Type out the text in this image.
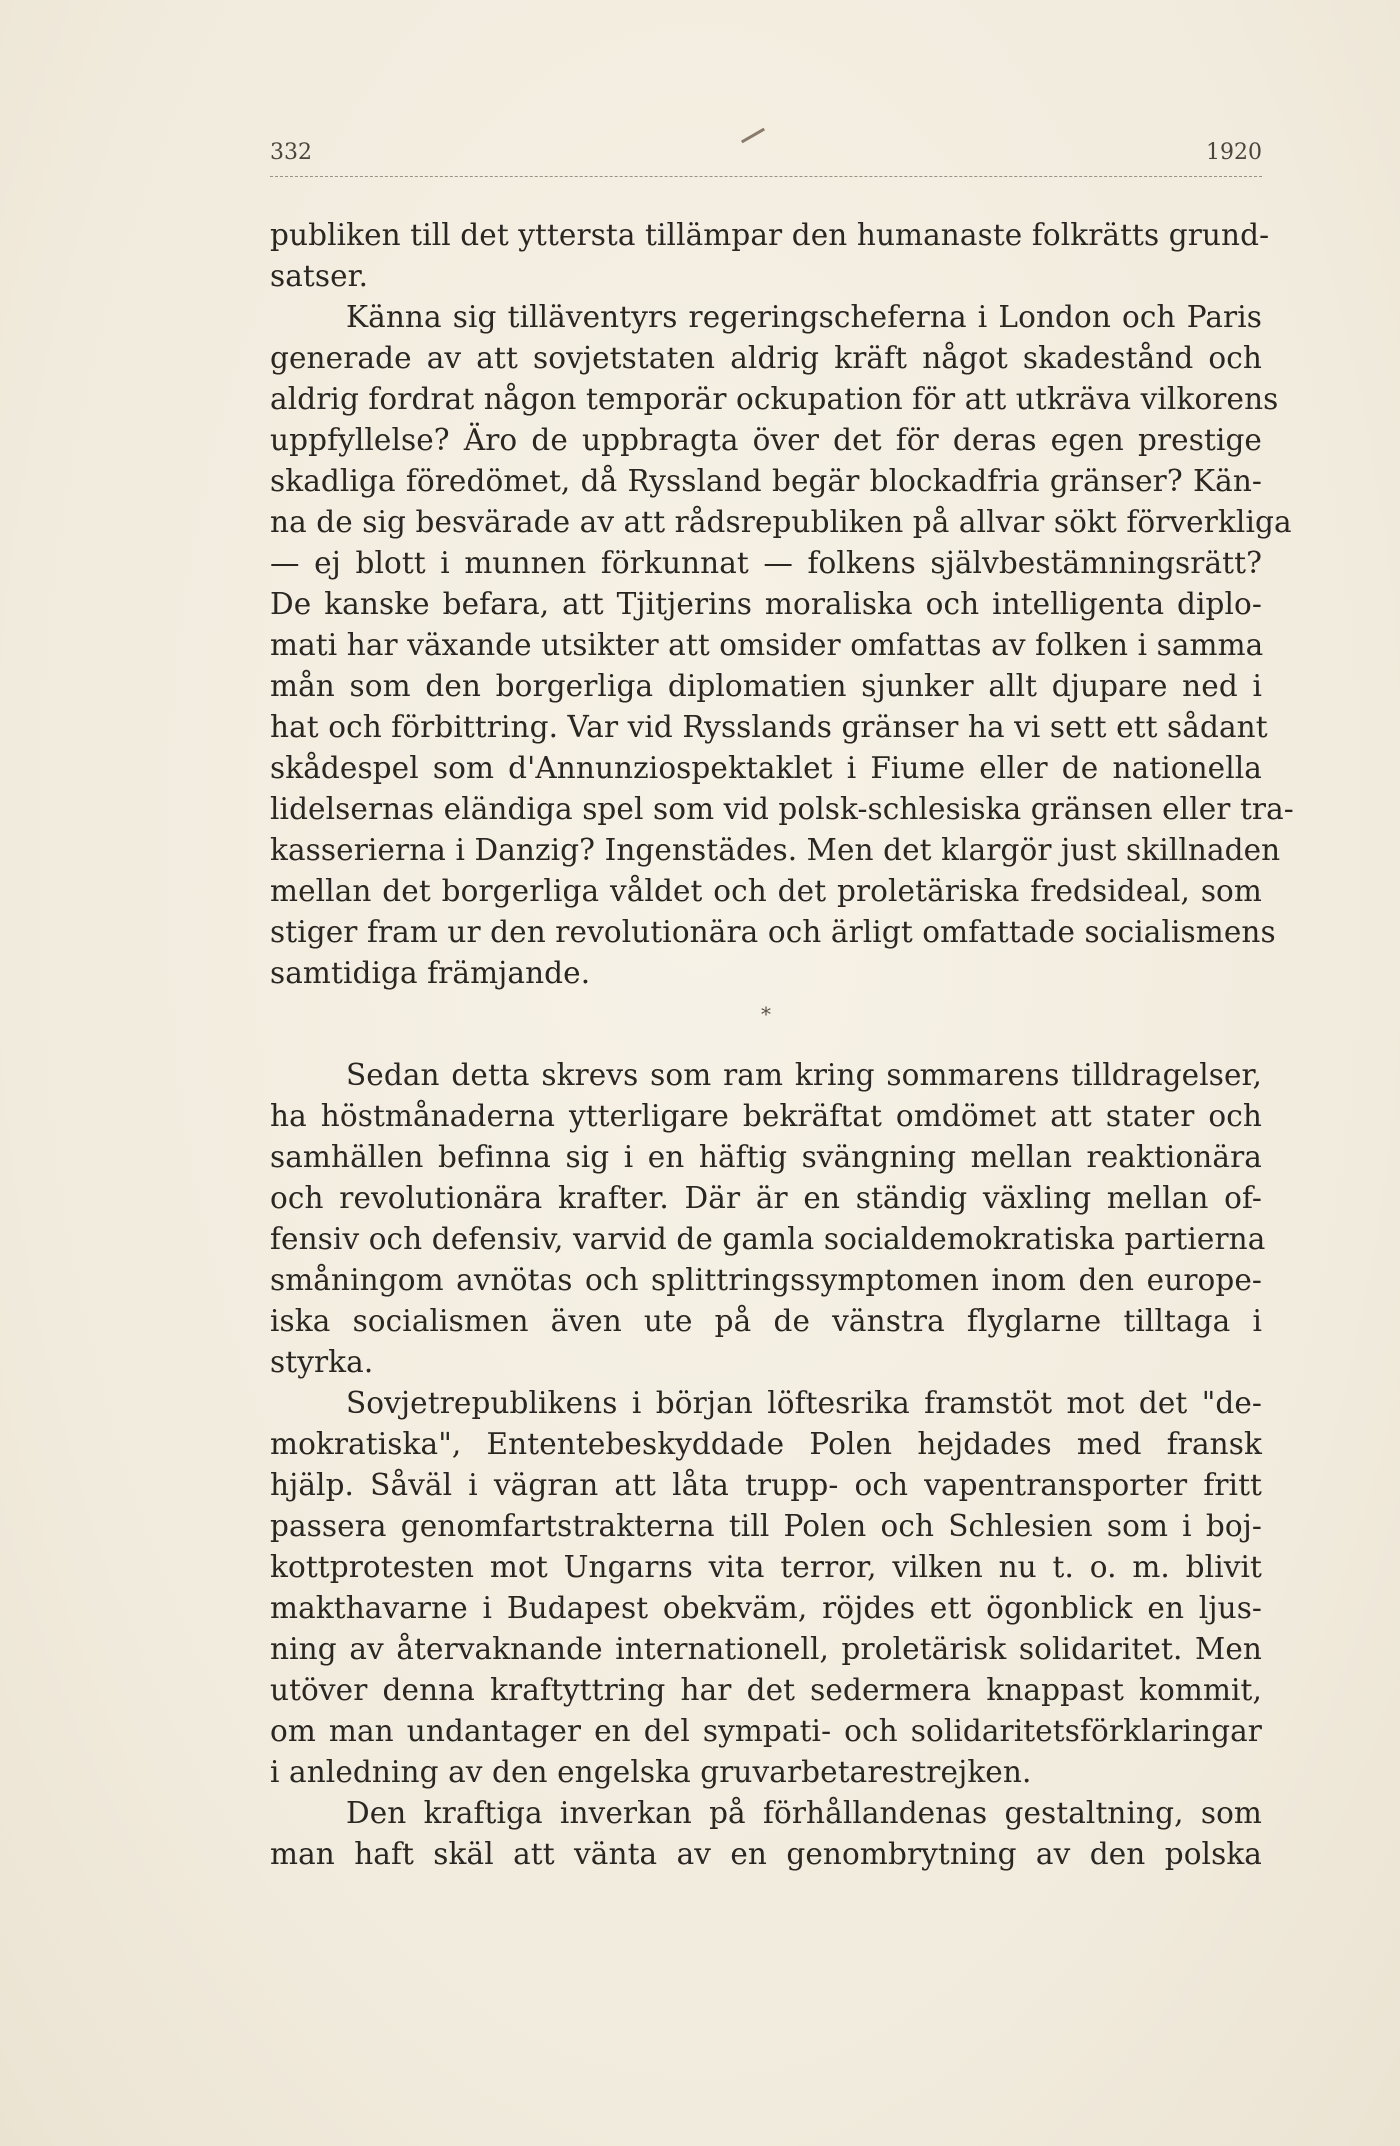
332	1920
publiken till det yttersta tillämpar den humanaste folkrätts grund-
satser.
Känna sig tilläventyrs regeringscheferna i London och Paris
generade av att sovjetstaten aldrig kräft något skadestånd och
aldrig fordrat någon temporär ockupation för att utkräva vilkorens
uppfyllelse? Äro de uppbragta över det för deras egen prestige
skadliga föredömet, då Ryssland begär blockadfria gränser? Kän-
na de sig besvärade av att rådsrepubliken på allvar sökt förverkliga
— ej blott i munnen förkunnat — folkens självbestämningsrätt?
De kanske befara, att Tjitjerins moraliska och intelligenta diplo-
mati har växande utsikter att omsider omfattas av folken i samma
mån som den borgerliga diplomatien sjunker allt djupare ned i
hat och förbittring. Var vid Rysslands gränser ha vi sett ett sådant
skådespel som d'Annunziospektaklet i Fiume eller de nationella
lidelsernas eländiga spel som vid polsk-schlesiska gränsen eller tra-
kasserierna i Danzig? Ingenstädes. Men det klargör just skillnaden
mellan det borgerliga våldet och det proletäriska fredsideal, som
stiger fram ur den revolutionära och ärligt omfattade socialismens
samtidiga främjande.
*
Sedan detta skrevs som ram kring sommarens tilldragelser,
ha höstmånaderna ytterligare bekräftat omdömet att stater och
samhällen befinna sig i en häftig svängning mellan reaktionära
och revolutionära krafter. Där är en ständig växling mellan of-
fensiv och defensiv, varvid de gamla socialdemokratiska partierna
småningom avnötas och splittringssymptomen inom den europe-
iska socialismen även ute på de vänstra flyglarne tilltaga i
styrka.
Sovjetrepublikens i början löftesrika framstöt mot det "de-
mokratiska", Ententebeskyddade Polen hejdades med fransk
hjälp. Såväl i vägran att låta trupp- och vapentransporter fritt
passera genomfartstrakterna till Polen och Schlesien som i boj-
kottprotesten mot Ungarns vita terror, vilken nu t. o. m. blivit
makthavarne i Budapest obekväm, röjdes ett ögonblick en ljus-
ning av återvaknande internationell, proletärisk solidaritet. Men
utöver denna kraftyttring har det sedermera knappast kommit,
om man undantager en del sympati- och solidaritetsförklaringar
i anledning av den engelska gruvarbetarestrejken.
Den kraftiga inverkan på förhållandenas gestaltning, som
man haft skäl att vänta av en genombrytning av den polska
